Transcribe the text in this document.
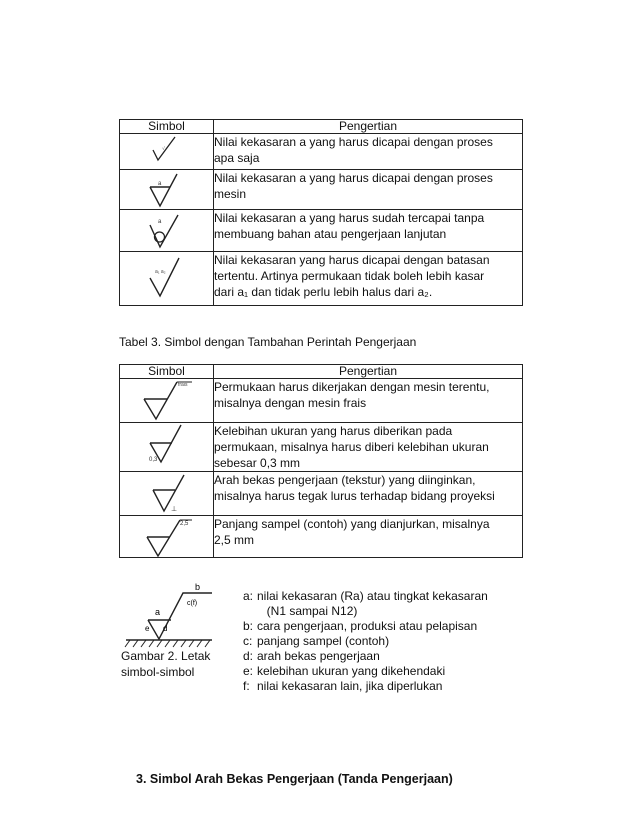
Simbol	Pengertian

√	Nilai kekasaran a yang harus dicapai dengan proses
apa saja

a	Nilai kekasaran a yang harus dicapai dengan proses
mesin

a	Nilai kekasaran a yang harus sudah tercapai tanpa
membuang bahan atau pengerjaan lanjutan

a₁ a₂	Nilai kekasaran yang harus dicapai dengan batasan
tertentu. Artinya permukaan tidak boleh lebih kasar
dari a₁ dan tidak perlu lebih halus dari a₂.
Tabel 3. Simbol dengan Tambahan Perintah Pengerjaan
Simbol	Pengertian

frais	Permukaan harus dikerjakan dengan mesin terentu,
misalnya dengan mesin frais

0,3	Kelebihan ukuran yang harus diberikan pada
permukaan, misalnya harus diberi kelebihan ukuran
sebesar 0,3 mm

⊥	Arah bekas pengerjaan (tekstur) yang diinginkan,
misalnya harus tegak lurus terhadap bidang proyeksi

2,5	Panjang sampel (contoh) yang dianjurkan, misalnya
2,5 mm
a
b
c(f)
d
e
Gambar 2. Letak
simbol-simbol
a: nilai kekasaran (Ra) atau tingkat kekasaran
(N1 sampai N12)
b: cara pengerjaan, produksi atau pelapisan
c: panjang sampel (contoh)
d: arah bekas pengerjaan
e: kelebihan ukuran yang dikehendaki
f: nilai kekasaran lain, jika diperlukan
3. Simbol Arah Bekas Pengerjaan (Tanda Pengerjaan)
